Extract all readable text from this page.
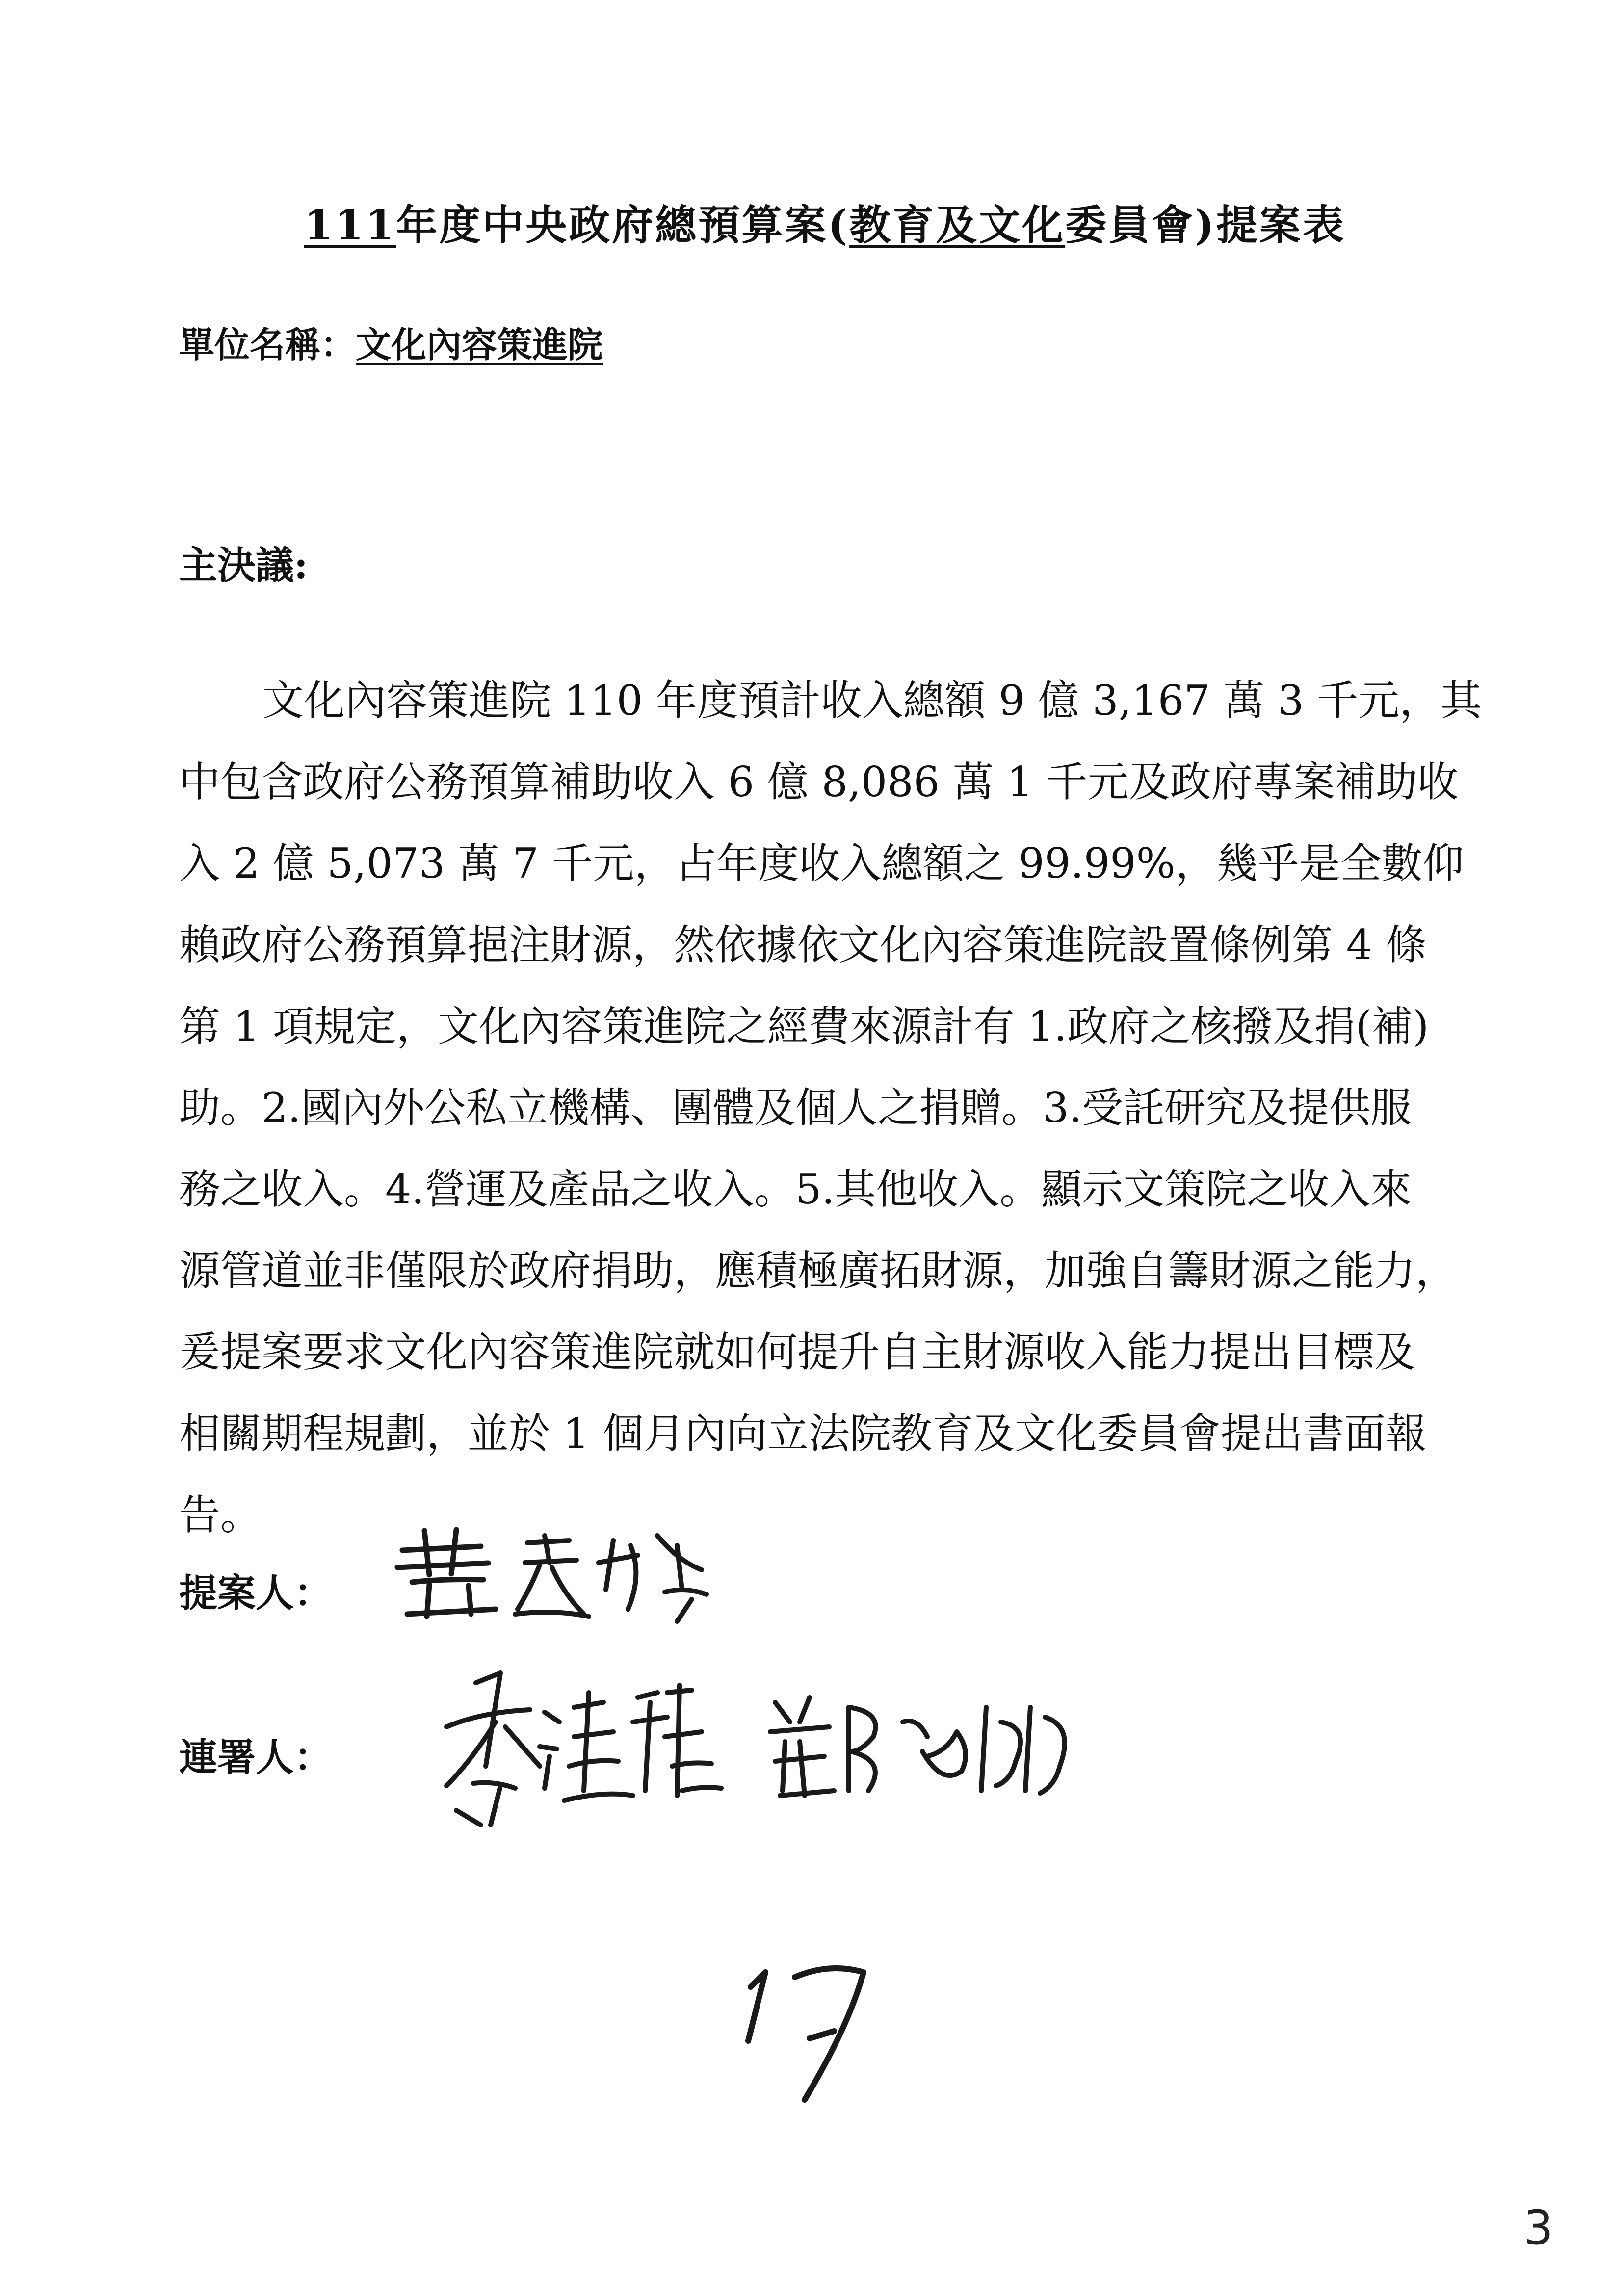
111年度中央政府總預算案(教育及文化委員會)提案表
單位名稱：文化內容策進院
主決議:
文化內容策進院 110 年度預計收入總額 9 億 3,167 萬 3 千元，其
中包含政府公務預算補助收入 6 億 8,086 萬 1 千元及政府專案補助收
入 2 億 5,073 萬 7 千元，占年度收入總額之 99.99%，幾乎是全數仰
賴政府公務預算挹注財源，然依據依文化內容策進院設置條例第 4 條
第 1 項規定，文化內容策進院之經費來源計有 1.政府之核撥及捐(補)
助。2.國內外公私立機構、團體及個人之捐贈。3.受託研究及提供服
務之收入。4.營運及產品之收入。5.其他收入。顯示文策院之收入來
源管道並非僅限於政府捐助，應積極廣拓財源，加強自籌財源之能力，
爰提案要求文化內容策進院就如何提升自主財源收入能力提出目標及
相關期程規劃，並於 1 個月內向立法院教育及文化委員會提出書面報
告。
提案人：
連署人：
3
